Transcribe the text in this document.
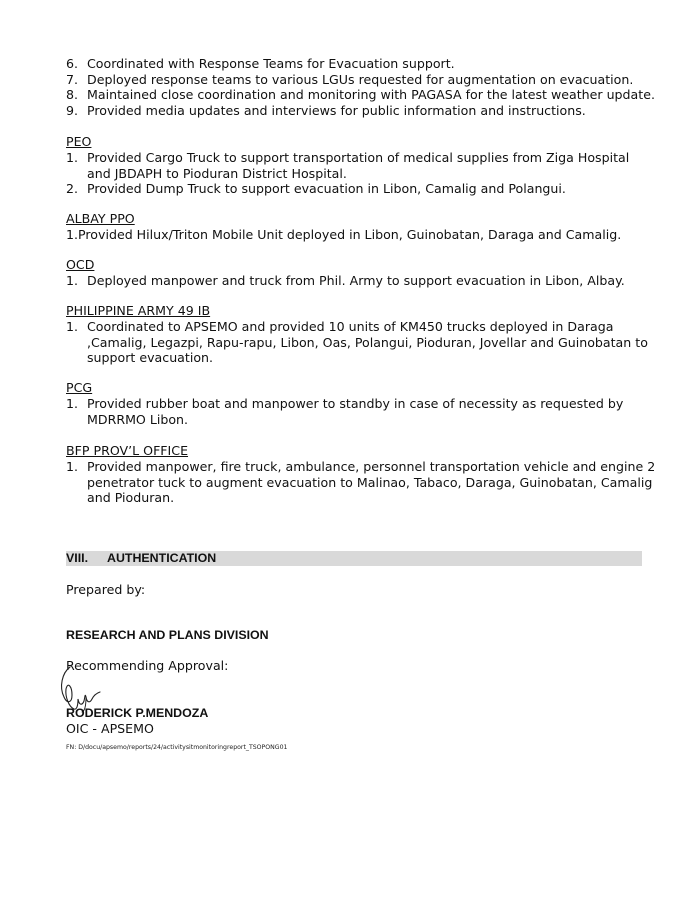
6. Coordinated with Response Teams for Evacuation support.
7. Deployed response teams to various LGUs requested for augmentation on evacuation.
8. Maintained close coordination and monitoring with PAGASA for the latest weather update.
9. Provided media updates and interviews for public information and instructions.
PEO
1. Provided Cargo Truck to support transportation of medical supplies from Ziga Hospital and JBDAPH to Pioduran District Hospital.
2. Provided Dump Truck to support evacuation in Libon, Camalig and Polangui.
ALBAY PPO
1.Provided Hilux/Triton Mobile Unit deployed in Libon, Guinobatan, Daraga and Camalig.
OCD
1. Deployed manpower and truck from Phil. Army to support evacuation in Libon, Albay.
PHILIPPINE ARMY 49 IB
1. Coordinated to APSEMO and provided 10 units of KM450 trucks deployed in Daraga ,Camalig, Legazpi, Rapu-rapu, Libon, Oas, Polangui, Pioduran, Jovellar and Guinobatan to support evacuation.
PCG
1. Provided rubber boat and manpower to standby in case of necessity as requested by MDRRMO Libon.
BFP PROV’L OFFICE
1. Provided manpower, fire truck, ambulance, personnel transportation vehicle and engine 2 penetrator tuck to augment evacuation to Malinao, Tabaco, Daraga, Guinobatan, Camalig and Pioduran.
VIII. AUTHENTICATION
Prepared by:
RESEARCH AND PLANS DIVISION
Recommending Approval:
RODERICK P.MENDOZA
OIC - APSEMO
FN: D/docu/apsemo/reports/24/activitysitmonitoringreport_TSOPONG01
